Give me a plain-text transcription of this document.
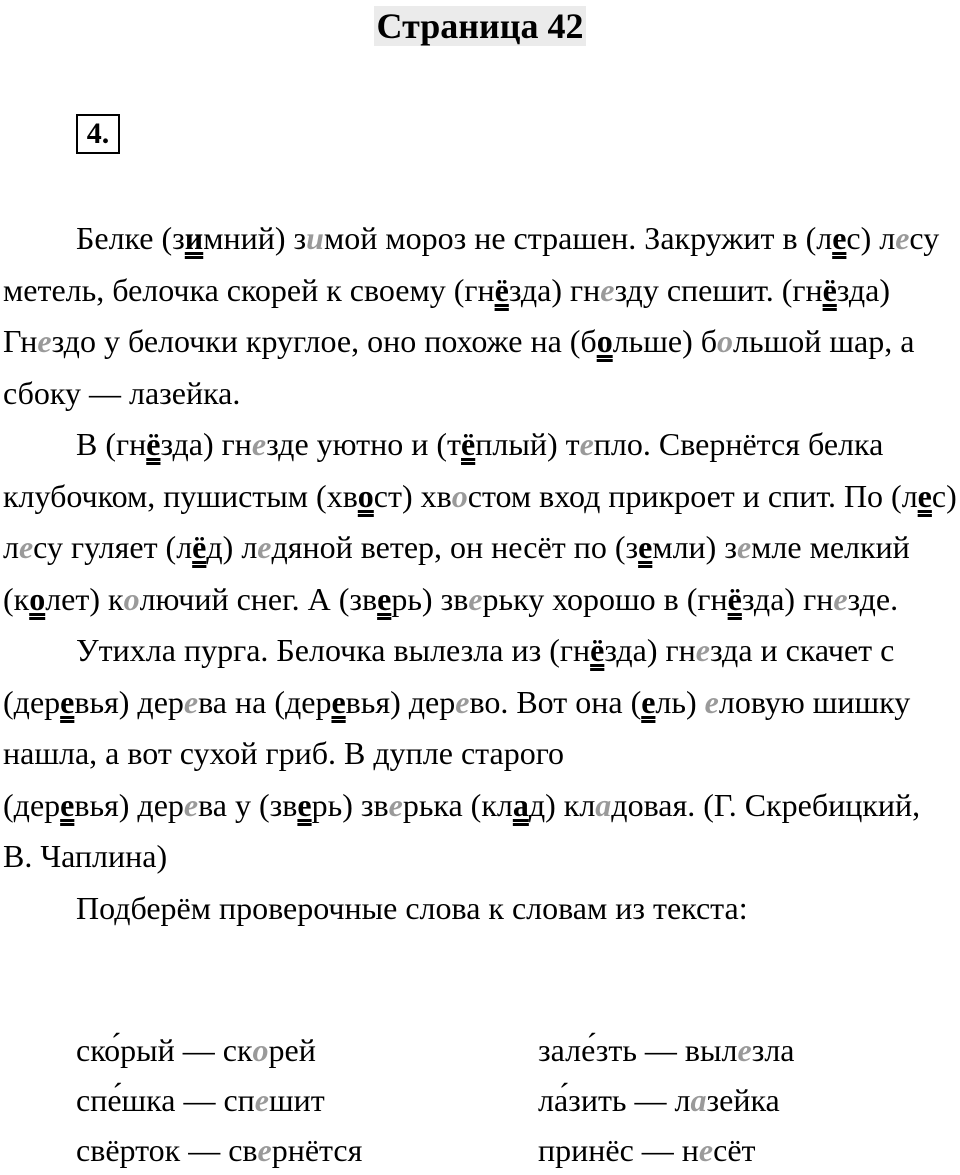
Страница 42
4.

Белке (зимний) зимой мороз не страшен. Закружит в (лес) лесу метель, белочка скорей к своему (гнёзда) гнезду спешит. (гнёзда) Гнездо у белочки круглое, оно похоже на (больше) большой шар, а сбоку — лазейка.

В (гнёзда) гнезде уютно и (тёплый) тепло. Свернётся белка клубочком, пушистым (хвост) хвостом вход прикроет и спит. По (лес) лесу гуляет (лёд) ледяной ветер, он несёт по (земли) земле мелкий (колет) колючий снег. А (зверь) зверьку хорошо в (гнёзда) гнезде.

Утихла пурга. Белочка вылезла из (гнёзда) гнезда и скачет с (деревья) дерева на (деревья) дерево. Вот она (ель) еловую шишку нашла, а вот сухой гриб. В дупле старого

(деревья) дерева у (зверь) зверька (клад) кладовая. (Г. Скребицкий, В. Чаплина)

Подберём проверочные слова к словам из текста:

ско́рый — скорей	зале́зть — вылезла
спе́шка — спешит	ла́зить — лазейка
свёрток — свернётся	принёс — несёт
